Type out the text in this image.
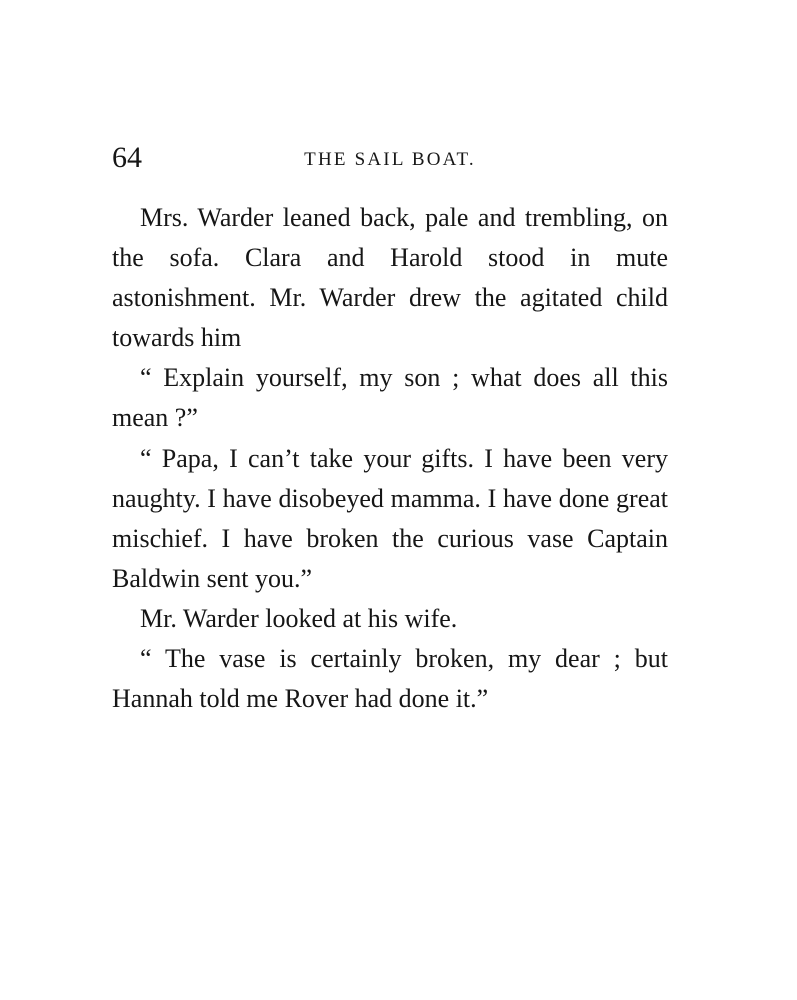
64	THE SAIL BOAT.

Mrs. Warder leaned back, pale and trembling, on the sofa. Clara and Harold stood in mute astonishment. Mr. Warder drew the agitated child towards him

“ Explain yourself, my son ; what does all this mean ?”

“ Papa, I can’t take your gifts. I have been very naughty. I have disobeyed mamma. I have done great mischief. I have broken the curious vase Captain Baldwin sent you.”

Mr. Warder looked at his wife.

“ The vase is certainly broken, my dear ; but Hannah told me Rover had done it.”
